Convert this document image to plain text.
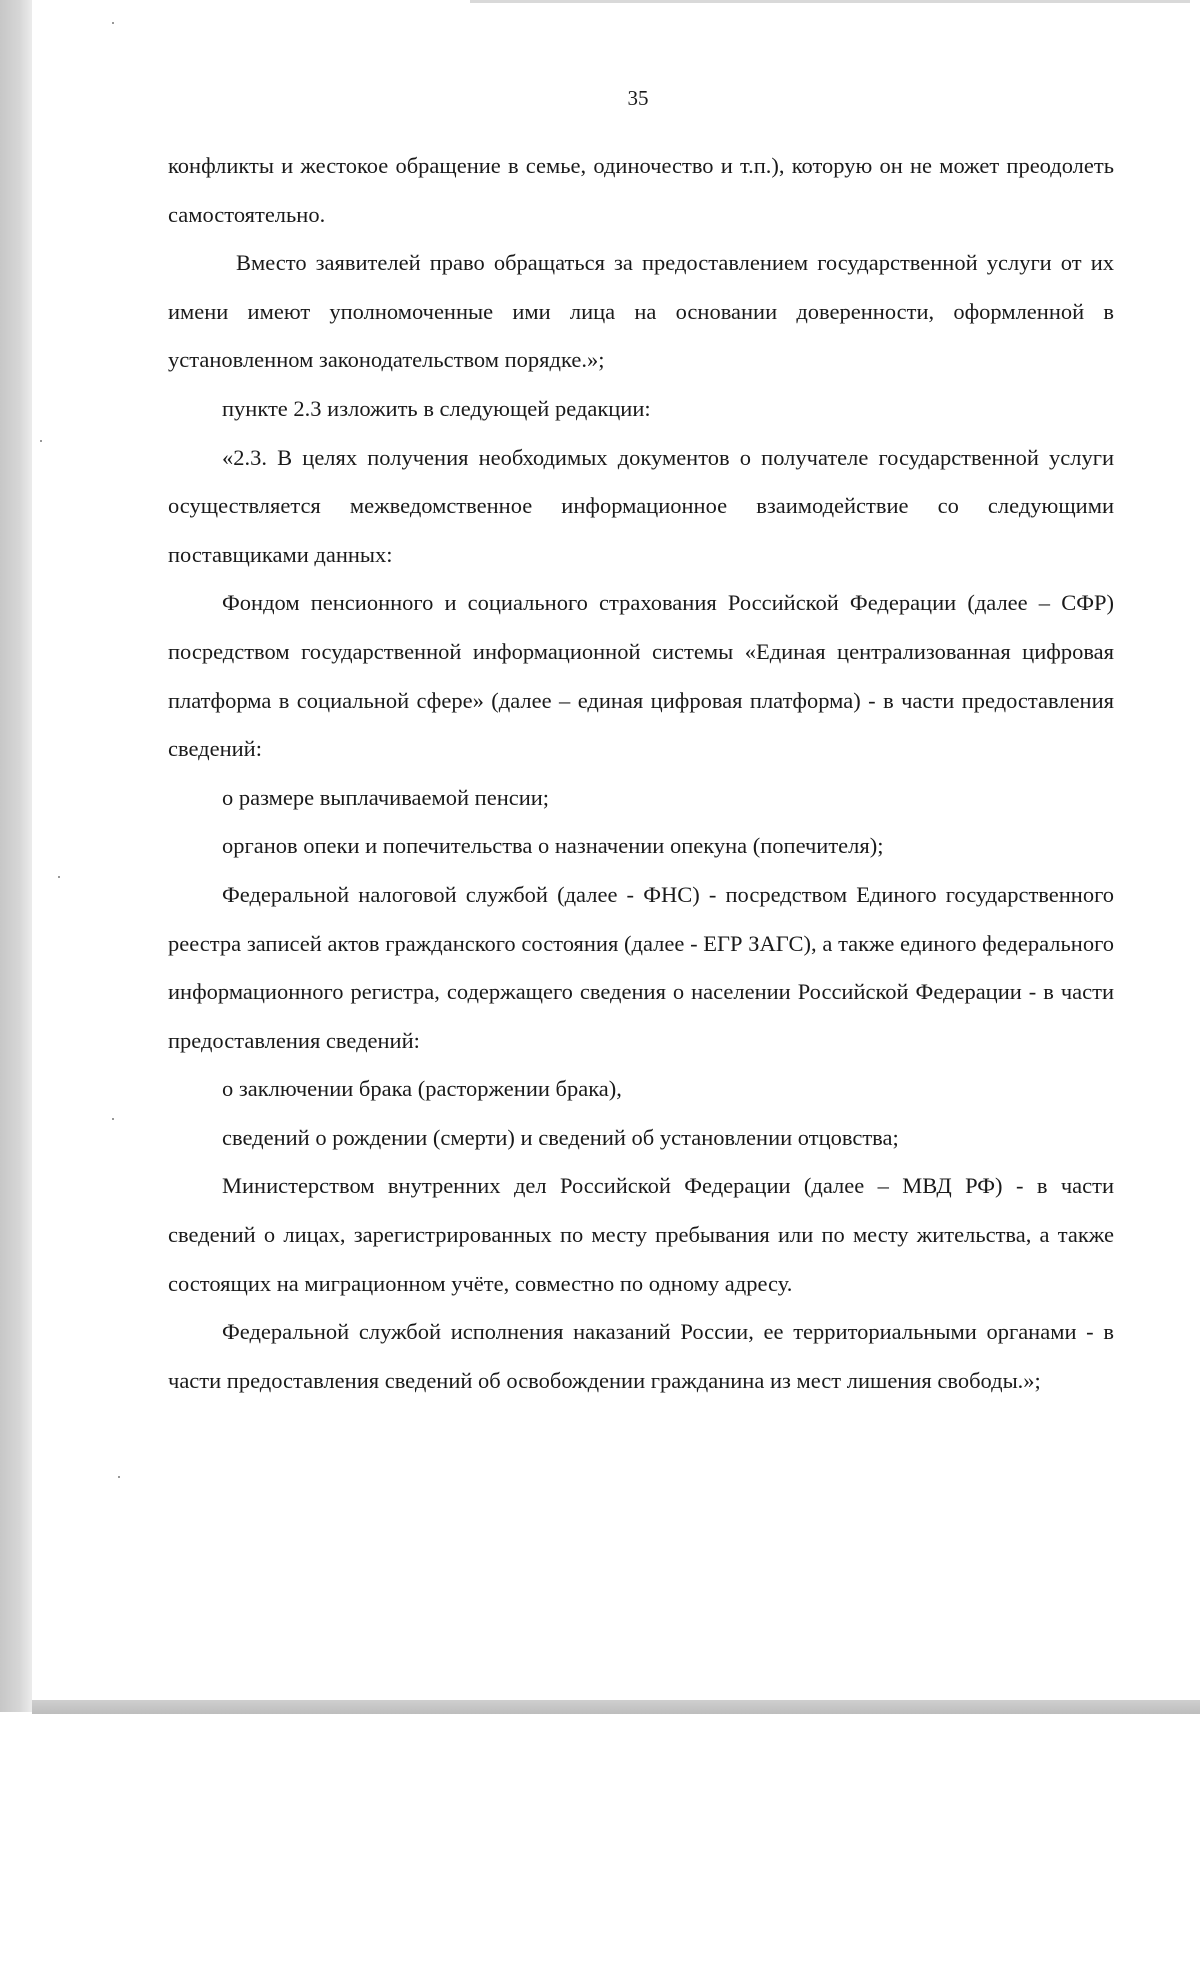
35

конфликты и жестокое обращение в семье, одиночество и т.п.), которую он не может преодолеть самостоятельно.

Вместо заявителей право обращаться за предоставлением государственной услуги от их имени имеют уполномоченные ими лица на основании доверенности, оформленной в установленном законодательством порядке.»;

пункте 2.3 изложить в следующей редакции:

«2.3. В целях получения необходимых документов о получателе государственной услуги осуществляется межведомственное информационное взаимодействие со следующими поставщиками данных:

Фондом пенсионного и социального страхования Российской Федерации (далее – СФР) посредством государственной информационной системы «Единая централизованная цифровая платформа в социальной сфере» (далее – единая цифровая платформа) - в части предоставления сведений:

о размере выплачиваемой пенсии;

органов опеки и попечительства о назначении опекуна (попечителя);

Федеральной налоговой службой (далее - ФНС) - посредством Единого государственного реестра записей актов гражданского состояния (далее - ЕГР ЗАГС), а также единого федерального информационного регистра, содержащего сведения о населении Российской Федерации - в части предоставления сведений:

о заключении брака (расторжении брака),

сведений о рождении (смерти) и сведений об установлении отцовства;

Министерством внутренних дел Российской Федерации (далее – МВД РФ) - в части сведений о лицах, зарегистрированных по месту пребывания или по месту жительства, а также состоящих на миграционном учёте, совместно по одному адресу.

Федеральной службой исполнения наказаний России, ее территориальными органами - в части предоставления сведений об освобождении гражданина из мест лишения свободы.»;
